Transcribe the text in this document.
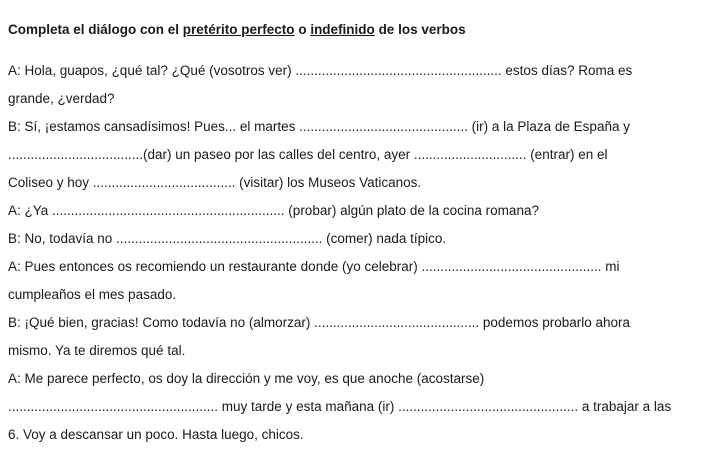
Completa el diálogo con el pretérito perfecto o indefinido de los verbos
A: Hola, guapos, ¿qué tal? ¿Qué (vosotros ver) ....................................................... estos días? Roma es
grande, ¿verdad?
B: Sí, ¡estamos cansadísimos! Pues... el martes ............................................. (ir) a la Plaza de España y
....................................(dar) un paseo por las calles del centro, ayer .............................. (entrar) en el
Coliseo y hoy ...................................... (visitar) los Museos Vaticanos.
A: ¿Ya .............................................................. (probar) algún plato de la cocina romana?
B: No, todavía no ....................................................... (comer) nada típico.
A: Pues entonces os recomiendo un restaurante donde (yo celebrar) ................................................ mi
cumpleaños el mes pasado.
B: ¡Qué bien, gracias! Como todavía no (almorzar) ............................................ podemos probarlo ahora
mismo. Ya te diremos qué tal.
A: Me parece perfecto, os doy la dirección y me voy, es que anoche (acostarse)
........................................................ muy tarde y esta mañana (ir) ................................................ a trabajar a las
6. Voy a descansar un poco. Hasta luego, chicos.
